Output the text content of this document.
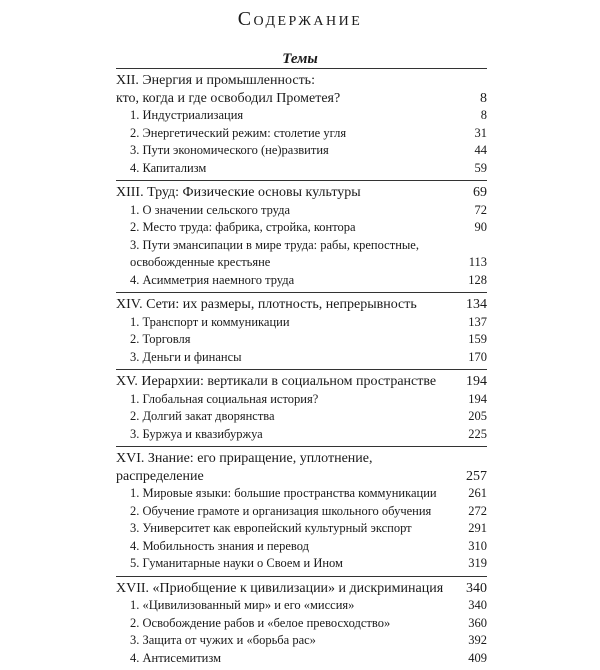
Содержание
Темы
XII. Энергия и промышленность:
кто, когда и где освободил Прометея?	8
1. Индустриализация	8
2. Энергетический режим: столетие угля	31
3. Пути экономического (не)развития	44
4. Капитализм	59
XIII. Труд: Физические основы культуры	69
1. О значении сельского труда	72
2. Место труда: фабрика, стройка, контора	90
3. Пути эмансипации в мире труда: рабы, крепостные,
освобожденные крестьяне	113
4. Асимметрия наемного труда	128
XIV. Сети: их размеры, плотность, непрерывность	134
1. Транспорт и коммуникации	137
2. Торговля	159
3. Деньги и финансы	170
XV. Иерархии: вертикали в социальном пространстве	194
1. Глобальная социальная история?	194
2. Долгий закат дворянства	205
3. Буржуа и квазибуржуа	225
XVI. Знание: его приращение, уплотнение, распределение	257
1. Мировые языки: большие пространства коммуникации	261
2. Обучение грамоте и организация школьного обучения	272
3. Университет как европейский культурный экспорт	291
4. Мобильность знания и перевод	310
5. Гуманитарные науки о Своем и Ином	319
XVII. «Приобщение к цивилизации» и дискриминация	340
1. «Цивилизованный мир» и его «миссия»	340
2. Освобождение рабов и «белое превосходство»	360
3. Защита от чужих и «борьба рас»	392
4. Антисемитизм	409
